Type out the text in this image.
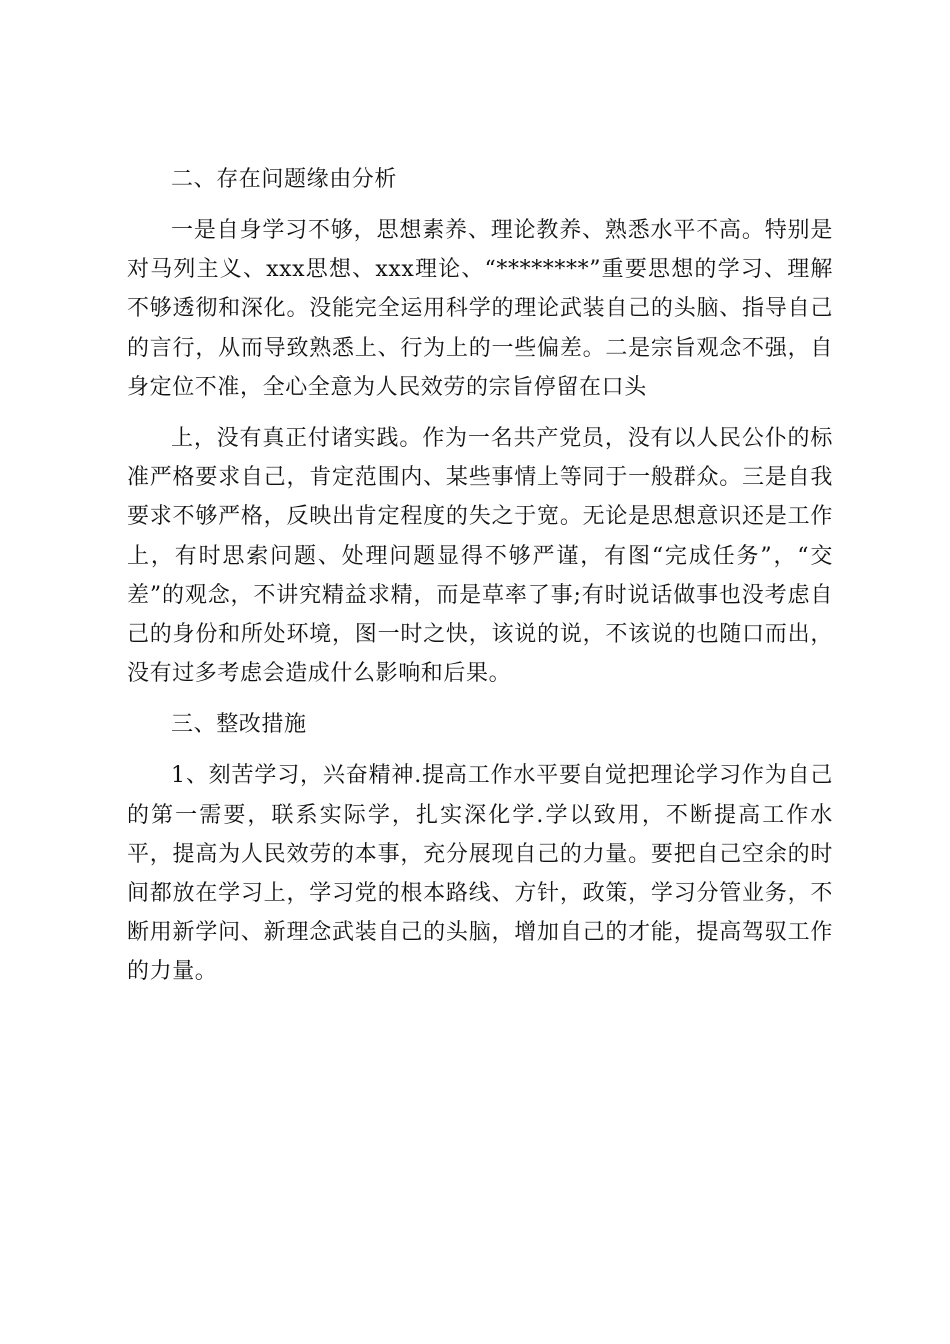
二、存在问题缘由分析

一是自身学习不够，思想素养、理论教养、熟悉水平不高。特别是对马列主义、xxx思想、xxx理论、“********”重要思想的学习、理解不够透彻和深化。没能完全运用科学的理论武装自己的头脑、指导自己的言行，从而导致熟悉上、行为上的一些偏差。二是宗旨观念不强，自身定位不准，全心全意为人民效劳的宗旨停留在口头

上，没有真正付诸实践。作为一名共产党员，没有以人民公仆的标准严格要求自己，肯定范围内、某些事情上等同于一般群众。三是自我要求不够严格，反映出肯定程度的失之于宽。无论是思想意识还是工作上，有时思索问题、处理问题显得不够严谨，有图“完成任务”，“交差”的观念，不讲究精益求精，而是草率了事;有时说话做事也没考虑自己的身份和所处环境，图一时之快，该说的说，不该说的也随口而出，没有过多考虑会造成什么影响和后果。

三、整改措施

1、刻苦学习，兴奋精神.提高工作水平要自觉把理论学习作为自己的第一需要，联系实际学，扎实深化学.学以致用，不断提高工作水平，提高为人民效劳的本事，充分展现自己的力量。要把自己空余的时间都放在学习上，学习党的根本路线、方针，政策，学习分管业务，不断用新学问、新理念武装自己的头脑，增加自己的才能，提高驾驭工作的力量。
